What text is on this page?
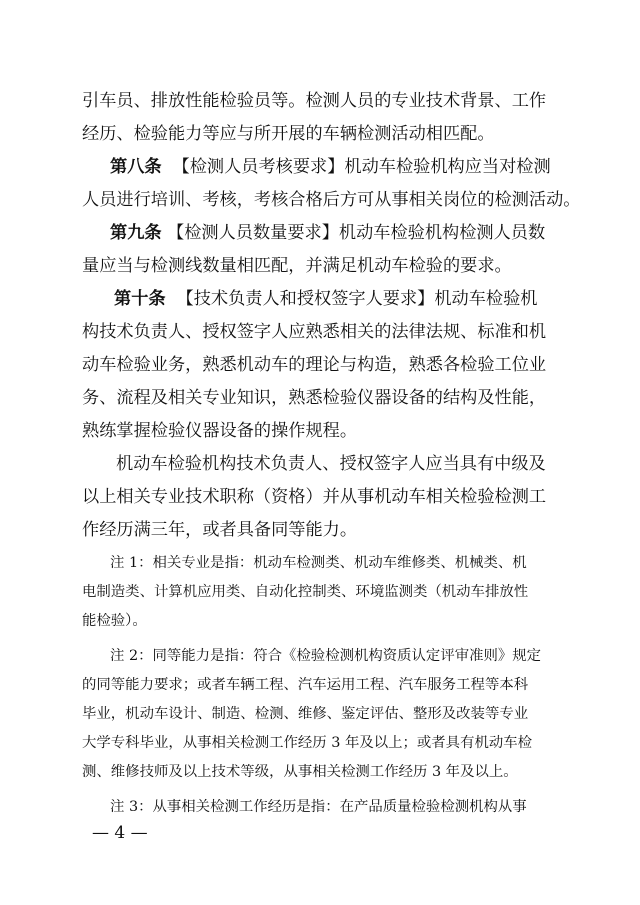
引车员、排放性能检验员等。检测人员的专业技术背景、工作
经历、检验能力等应与所开展的车辆检测活动相匹配。
第八条 【检测人员考核要求】机动车检验机构应当对检测
人员进行培训、考核，考核合格后方可从事相关岗位的检测活动。
第九条 【检测人员数量要求】机动车检验机构检测人员数
量应当与检测线数量相匹配，并满足机动车检验的要求。
第十条 【技术负责人和授权签字人要求】机动车检验机
构技术负责人、授权签字人应熟悉相关的法律法规、标准和机
动车检验业务，熟悉机动车的理论与构造，熟悉各检验工位业
务、流程及相关专业知识，熟悉检验仪器设备的结构及性能，
熟练掌握检验仪器设备的操作规程。
机动车检验机构技术负责人、授权签字人应当具有中级及
以上相关专业技术职称（资格）并从事机动车相关检验检测工
作经历满三年，或者具备同等能力。
注 1：相关专业是指：机动车检测类、机动车维修类、机械类、机
电制造类、计算机应用类、自动化控制类、环境监测类（机动车排放性
能检验）。
注 2：同等能力是指：符合《检验检测机构资质认定评审准则》规定
的同等能力要求；或者车辆工程、汽车运用工程、汽车服务工程等本科
毕业，机动车设计、制造、检测、维修、鉴定评估、整形及改装等专业
大学专科毕业，从事相关检测工作经历 3 年及以上；或者具有机动车检
测、维修技师及以上技术等级，从事相关检测工作经历 3 年及以上。
注 3：从事相关检测工作经历是指：在产品质量检验检测机构从事
— 4 —
